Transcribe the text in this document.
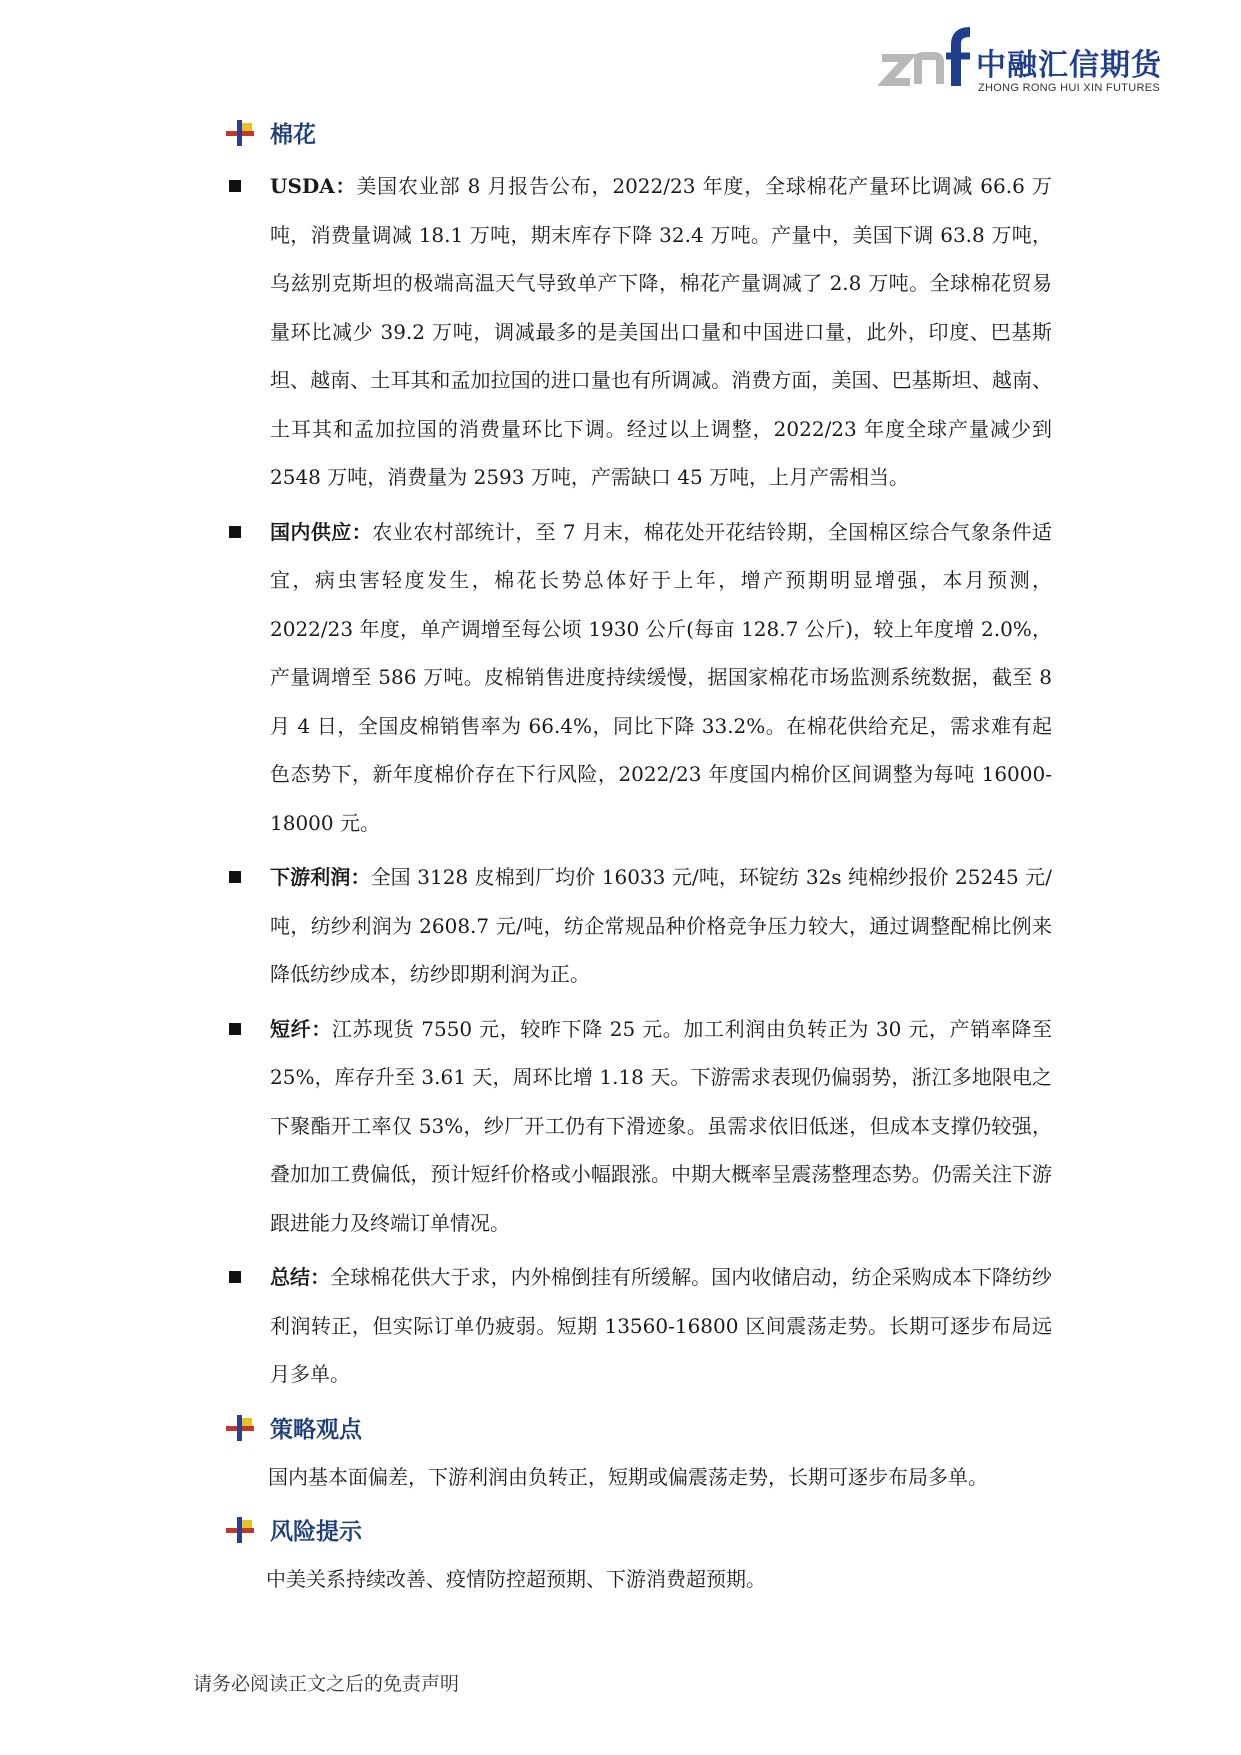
中融汇信期货
ZHONG RONG HUI XIN FUTURES
棉花
USDA：美国农业部 8 月报告公布，2022/23 年度，全球棉花产量环比调减 66.6 万吨，消费量调减 18.1 万吨，期末库存下降 32.4 万吨。产量中，美国下调 63.8 万吨，乌兹别克斯坦的极端高温天气导致单产下降，棉花产量调减了 2.8 万吨。全球棉花贸易量环比减少 39.2 万吨，调减最多的是美国出口量和中国进口量，此外，印度、巴基斯坦、越南、土耳其和孟加拉国的进口量也有所调减。消费方面，美国、巴基斯坦、越南、土耳其和孟加拉国的消费量环比下调。经过以上调整，2022/23 年度全球产量减少到 2548 万吨，消费量为 2593 万吨，产需缺口 45 万吨，上月产需相当。
国内供应：农业农村部统计，至 7 月末，棉花处开花结铃期，全国棉区综合气象条件适宜，病虫害轻度发生，棉花长势总体好于上年，增产预期明显增强，本月预测，2022/23 年度，单产调增至每公顷 1930 公斤(每亩 128.7 公斤)，较上年度增 2.0%，产量调增至 586 万吨。皮棉销售进度持续缓慢，据国家棉花市场监测系统数据，截至 8 月 4 日，全国皮棉销售率为 66.4%，同比下降 33.2%。在棉花供给充足，需求难有起色态势下，新年度棉价存在下行风险，2022/23 年度国内棉价区间调整为每吨 16000-18000 元。
下游利润：全国 3128 皮棉到厂均价 16033 元/吨，环锭纺 32s 纯棉纱报价 25245 元/吨，纺纱利润为 2608.7 元/吨，纺企常规品种价格竞争压力较大，通过调整配棉比例来降低纺纱成本，纺纱即期利润为正。
短纤：江苏现货 7550 元，较昨下降 25 元。加工利润由负转正为 30 元，产销率降至 25%，库存升至 3.61 天，周环比增 1.18 天。下游需求表现仍偏弱势，浙江多地限电之下聚酯开工率仅 53%，纱厂开工仍有下滑迹象。虽需求依旧低迷，但成本支撑仍较强，叠加加工费偏低，预计短纤价格或小幅跟涨。中期大概率呈震荡整理态势。仍需关注下游跟进能力及终端订单情况。
总结：全球棉花供大于求，内外棉倒挂有所缓解。国内收储启动，纺企采购成本下降纺纱利润转正，但实际订单仍疲弱。短期 13560-16800 区间震荡走势。长期可逐步布局远月多单。
策略观点
国内基本面偏差，下游利润由负转正，短期或偏震荡走势，长期可逐步布局多单。
风险提示
中美关系持续改善、疫情防控超预期、下游消费超预期。
请务必阅读正文之后的免责声明
